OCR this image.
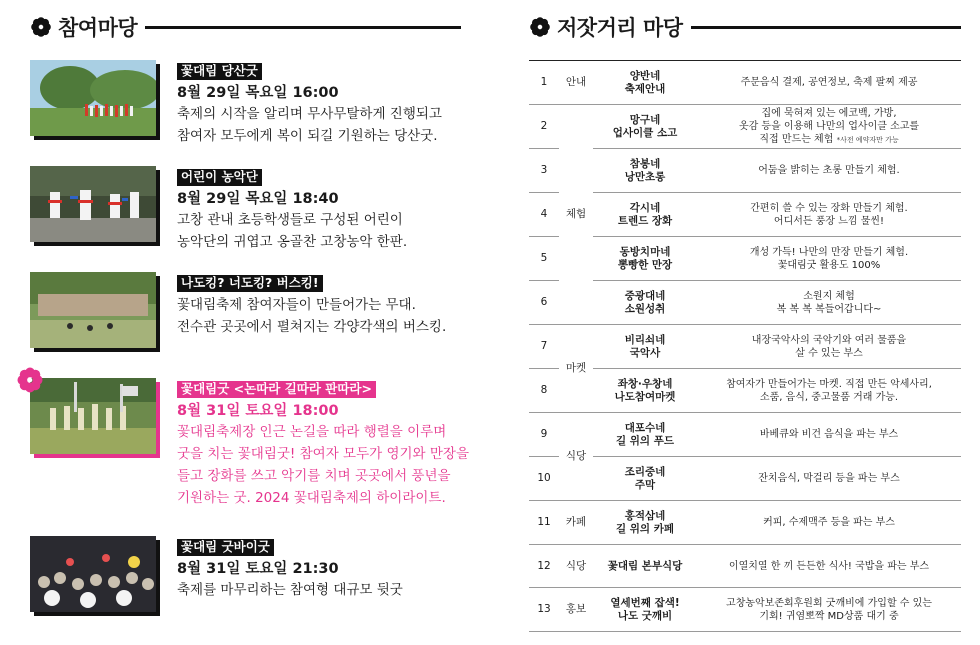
참여마당	저잣거리 마당
꽃대림 당산굿
8월 29일 목요일 16:00
축제의 시작을 알리며 무사무탈하게 진행되고
참여자 모두에게 복이 되길 기원하는 당산굿.
어린이 농악단
8월 29일 목요일 18:40
고창 관내 초등학생들로 구성된 어린이
농악단의 귀엽고 옹골찬 고창농악 한판.
나도킹? 너도킹? 버스킹!
꽃대림축제 참여자들이 만들어가는 무대.
전수관 곳곳에서 펼쳐지는 각양각색의 버스킹.
꽃대림굿 <논따라 길따라 판따라>
8월 31일 토요일 18:00
꽃대림축제장 인근 논길을 따라 행렬을 이루며
굿을 치는 꽃대림굿! 참여자 모두가 영기와 만장을
들고 장화를 쓰고 악기를 치며 곳곳에서 풍년을
기원하는 굿. 2024 꽃대림축제의 하이라이트.
꽃대림 굿바이굿
8월 31일 토요일 21:30
축제를 마무리하는 참여형 대규모 뒷굿
1	안내	양반네
축제안내	주문음식 결제, 공연정보, 축제 팔찌 제공
2	체험	망구네
업사이클 소고	집에 묵혀져 있는 에코백, 가방,
옷감 등을 이용해 나만의 업사이클 소고를
직접 만드는 체험 *사전 예약자만 가능
3		참봉네
낭만초롱	어둠을 밝히는 초롱 만들기 체험.
4		각시네
트렌드 장화	간편히 쓸 수 있는 장화 만들기 체험.
어디서든 풍장 느낌 물씬!
5		동방치마네
뽕빵한 만장	개성 가득! 나만의 만장 만들기 체험.
꽃대림굿 활용도 100%
6		중광대네
소원성취	소원지 체험
복 복 복 복들어갑니다~
7	마켓	비리쇠네
국악사	내장국악사의 국악기와 여러 물품을
살 수 있는 부스
8		좌창·우창네
나도참여마켓	참여자가 만들어가는 마켓. 직접 만든 악세사리,
소품, 음식, 중고물품 거래 가능.
9	식당	대포수네
길 위의 푸드	바베큐와 비건 음식을 파는 부스
10		조리중네
주막	잔치음식, 막걸리 등을 파는 부스
11	카페	홍적삼네
길 위의 카페	커피, 수제맥주 등을 파는 부스
12	식당	꽃대림 본부식당	이열치열 한 끼 든든한 식사! 국밥을 파는 부스
13	홍보	열세번째 잡색!
나도 굿깨비	고창농악보존회후원회 굿깨비에 가입할 수 있는
기회! 귀염뽀짝 MD상품 대기 중
